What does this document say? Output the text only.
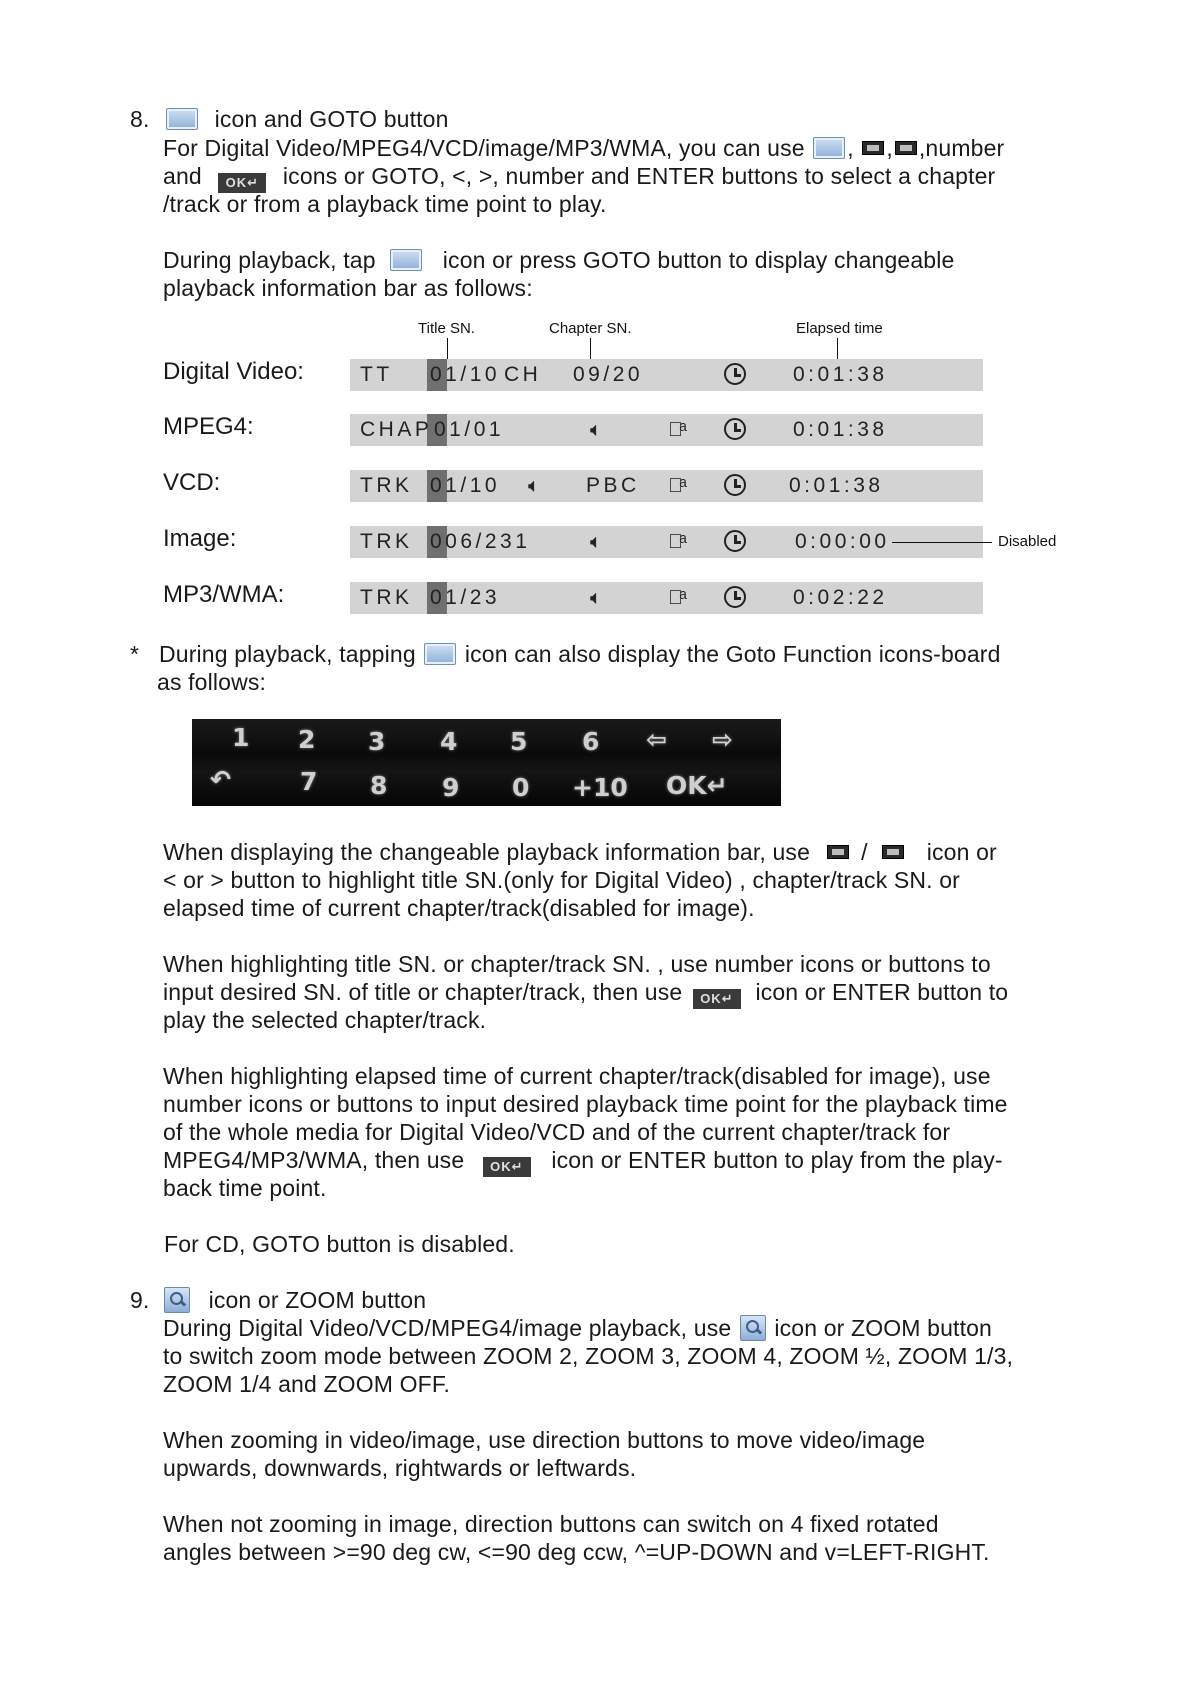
8.	icon and GOTO button
For Digital Video/MPEG4/VCD/image/MP3/WMA, you can use , , ,number
and OK↵ icons or GOTO, <, >, number and ENTER buttons to select a chapter
/track or from a playback time point to play.
During playback, tap	icon or press GOTO button to display changeable
playback information bar as follows:
Title SN.	Chapter SN.	Elapsed time
Digital Video:	TT 01/10 CH 09/20	0:01:38
MPEG4:	CHAP 01/01	🔈︎	↶ͣ	0:01:38
VCD:	TRK 01/10 🔈︎ PBC ↶ͣ	0:01:38
Image:	TRK 006/231	🔈︎	↶ͣ	0:00:00	Disabled
MP3/WMA:	TRK 01/23	🔈︎	↶ͣ	0:02:22
* During playback, tapping icon can also display the Goto Function icons-board
as follows:
1 2 3 4 5 6 ⇦ ⇨
↶	7 8 9 0 +10 OK↵
When displaying the changeable playback information bar, use /	icon or
< or > button to highlight title SN.(only for Digital Video) , chapter/track SN. or
elapsed time of current chapter/track(disabled for image).
When highlighting title SN. or chapter/track SN. , use number icons or buttons to
input desired SN. of title or chapter/track, then use OK↵ icon or ENTER button to
play the selected chapter/track.
When highlighting elapsed time of current chapter/track(disabled for image), use
number icons or buttons to input desired playback time point for the playback time
of the whole media for Digital Video/VCD and of the current chapter/track for
MPEG4/MP3/WMA, then use OK↵ icon or ENTER button to play from the play-
back time point.
For CD, GOTO button is disabled.
9.	icon or ZOOM button
During Digital Video/VCD/MPEG4/image playback, use icon or ZOOM button
to switch zoom mode between ZOOM 2, ZOOM 3, ZOOM 4, ZOOM ½, ZOOM 1/3,
ZOOM 1/4 and ZOOM OFF.
When zooming in video/image, use direction buttons to move video/image
upwards, downwards, rightwards or leftwards.
When not zooming in image, direction buttons can switch on 4 fixed rotated
angles between >=90 deg cw, <=90 deg ccw, ^=UP-DOWN and v=LEFT-RIGHT.
